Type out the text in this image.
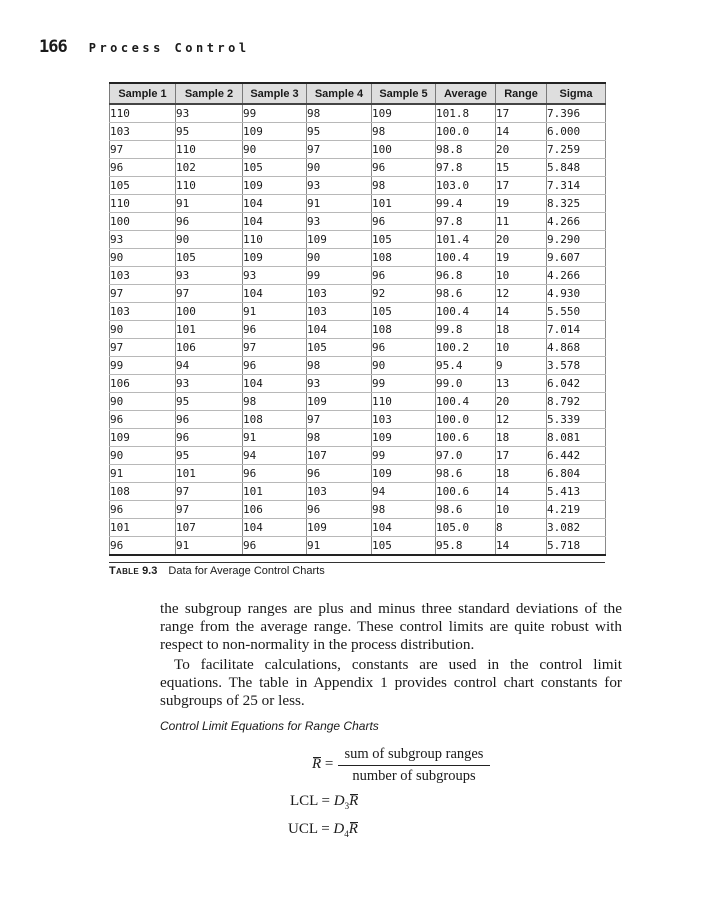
166 Process Control
Sample 1	Sample 2	Sample 3	Sample 4	Sample 5	Average	Range	Sigma
110	93	99	98	109	101.8	17	7.396
103	95	109	95	98	100.0	14	6.000
97	110	90	97	100	98.8	20	7.259
96	102	105	90	96	97.8	15	5.848
105	110	109	93	98	103.0	17	7.314
110	91	104	91	101	99.4	19	8.325
100	96	104	93	96	97.8	11	4.266
93	90	110	109	105	101.4	20	9.290
90	105	109	90	108	100.4	19	9.607
103	93	93	99	96	96.8	10	4.266
97	97	104	103	92	98.6	12	4.930
103	100	91	103	105	100.4	14	5.550
90	101	96	104	108	99.8	18	7.014
97	106	97	105	96	100.2	10	4.868
99	94	96	98	90	95.4	9	3.578
106	93	104	93	99	99.0	13	6.042
90	95	98	109	110	100.4	20	8.792
96	96	108	97	103	100.0	12	5.339
109	96	91	98	109	100.6	18	8.081
90	95	94	107	99	97.0	17	6.442
91	101	96	96	109	98.6	18	6.804
108	97	101	103	94	100.6	14	5.413
96	97	106	96	98	98.6	10	4.219
101	107	104	109	104	105.0	8	3.082
96	91	96	91	105	95.8	14	5.718
Table 9.3 Data for Average Control Charts

the subgroup ranges are plus and minus three standard deviations of the range from the average range. These control limits are quite robust with respect to non-normality in the process distribution.

To facilitate calculations, constants are used in the control limit equations. The table in Appendix 1 provides control chart constants for subgroups of 25 or less.

Control Limit Equations for Range Charts
R =
sum of subgroup ranges
number of subgroups
LCL = $D_3R$
UCL = $D_4R$
